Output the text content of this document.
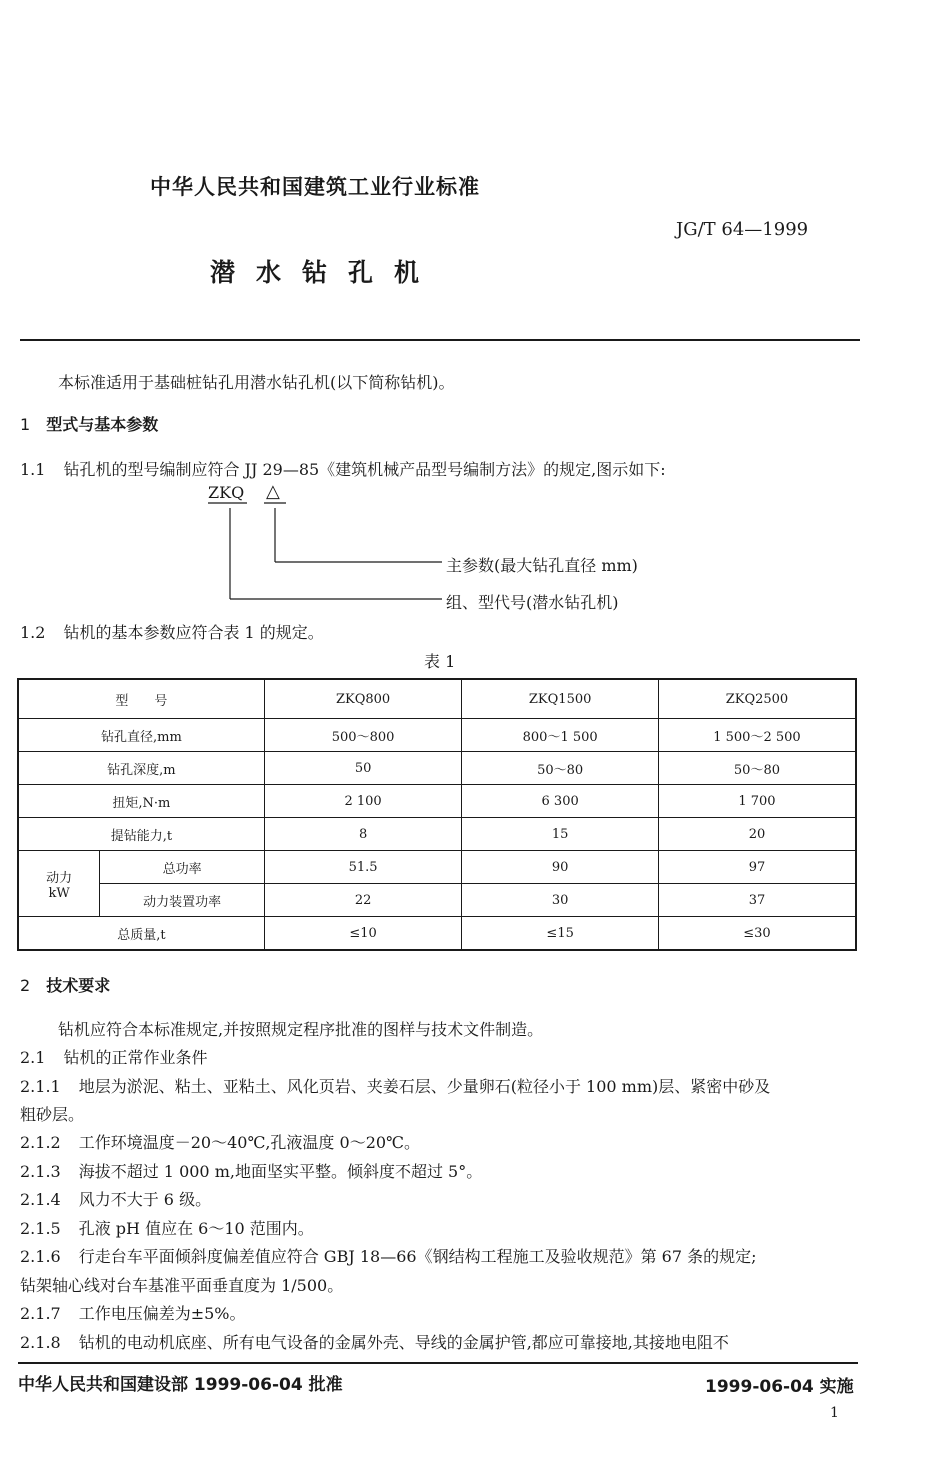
中华人民共和国建筑工业行业标准
JG/T 64—1999
潜水钻孔机
本标准适用于基础桩钻孔用潜水钻孔机(以下简称钻机)。
1 型式与基本参数
1.1 钻孔机的型号编制应符合 JJ 29—85《建筑机械产品型号编制方法》的规定,图示如下:
ZKQ △
主参数(最大钻孔直径 mm)
组、型代号(潜水钻孔机)
1.2 钻机的基本参数应符合表 1 的规定。
表 1
型　　号		ZKQ800	ZKQ1500	ZKQ2500
钻孔直径,mm		500～800	800～1 500	1 500～2 500
钻孔深度,m		50	50～80	50～80
扭矩,N·m		2 100	6 300	1 700
提钻能力,t		8	15	20
动力
kW	总功率	51.5	90	97
	动力装置功率	22	30	37
总质量,t		≤10	≤15	≤30
2 技术要求
钻机应符合本标准规定,并按照规定程序批准的图样与技术文件制造。
2.1 钻机的正常作业条件
2.1.1 地层为淤泥、粘土、亚粘土、风化页岩、夹姜石层、少量卵石(粒径小于 100 mm)层、紧密中砂及
粗砂层。
2.1.2 工作环境温度－20～40℃,孔液温度 0～20℃。
2.1.3 海拔不超过 1 000 m,地面坚实平整。倾斜度不超过 5°。
2.1.4 风力不大于 6 级。
2.1.5 孔液 pH 值应在 6～10 范围内。
2.1.6 行走台车平面倾斜度偏差值应符合 GBJ 18—66《钢结构工程施工及验收规范》第 67 条的规定;
钻架轴心线对台车基准平面垂直度为 1/500。
2.1.7 工作电压偏差为±5%。
2.1.8 钻机的电动机底座、所有电气设备的金属外壳、导线的金属护管,都应可靠接地,其接地电阻不
中华人民共和国建设部 1999-06-04 批准	1999-06-04 实施
1
